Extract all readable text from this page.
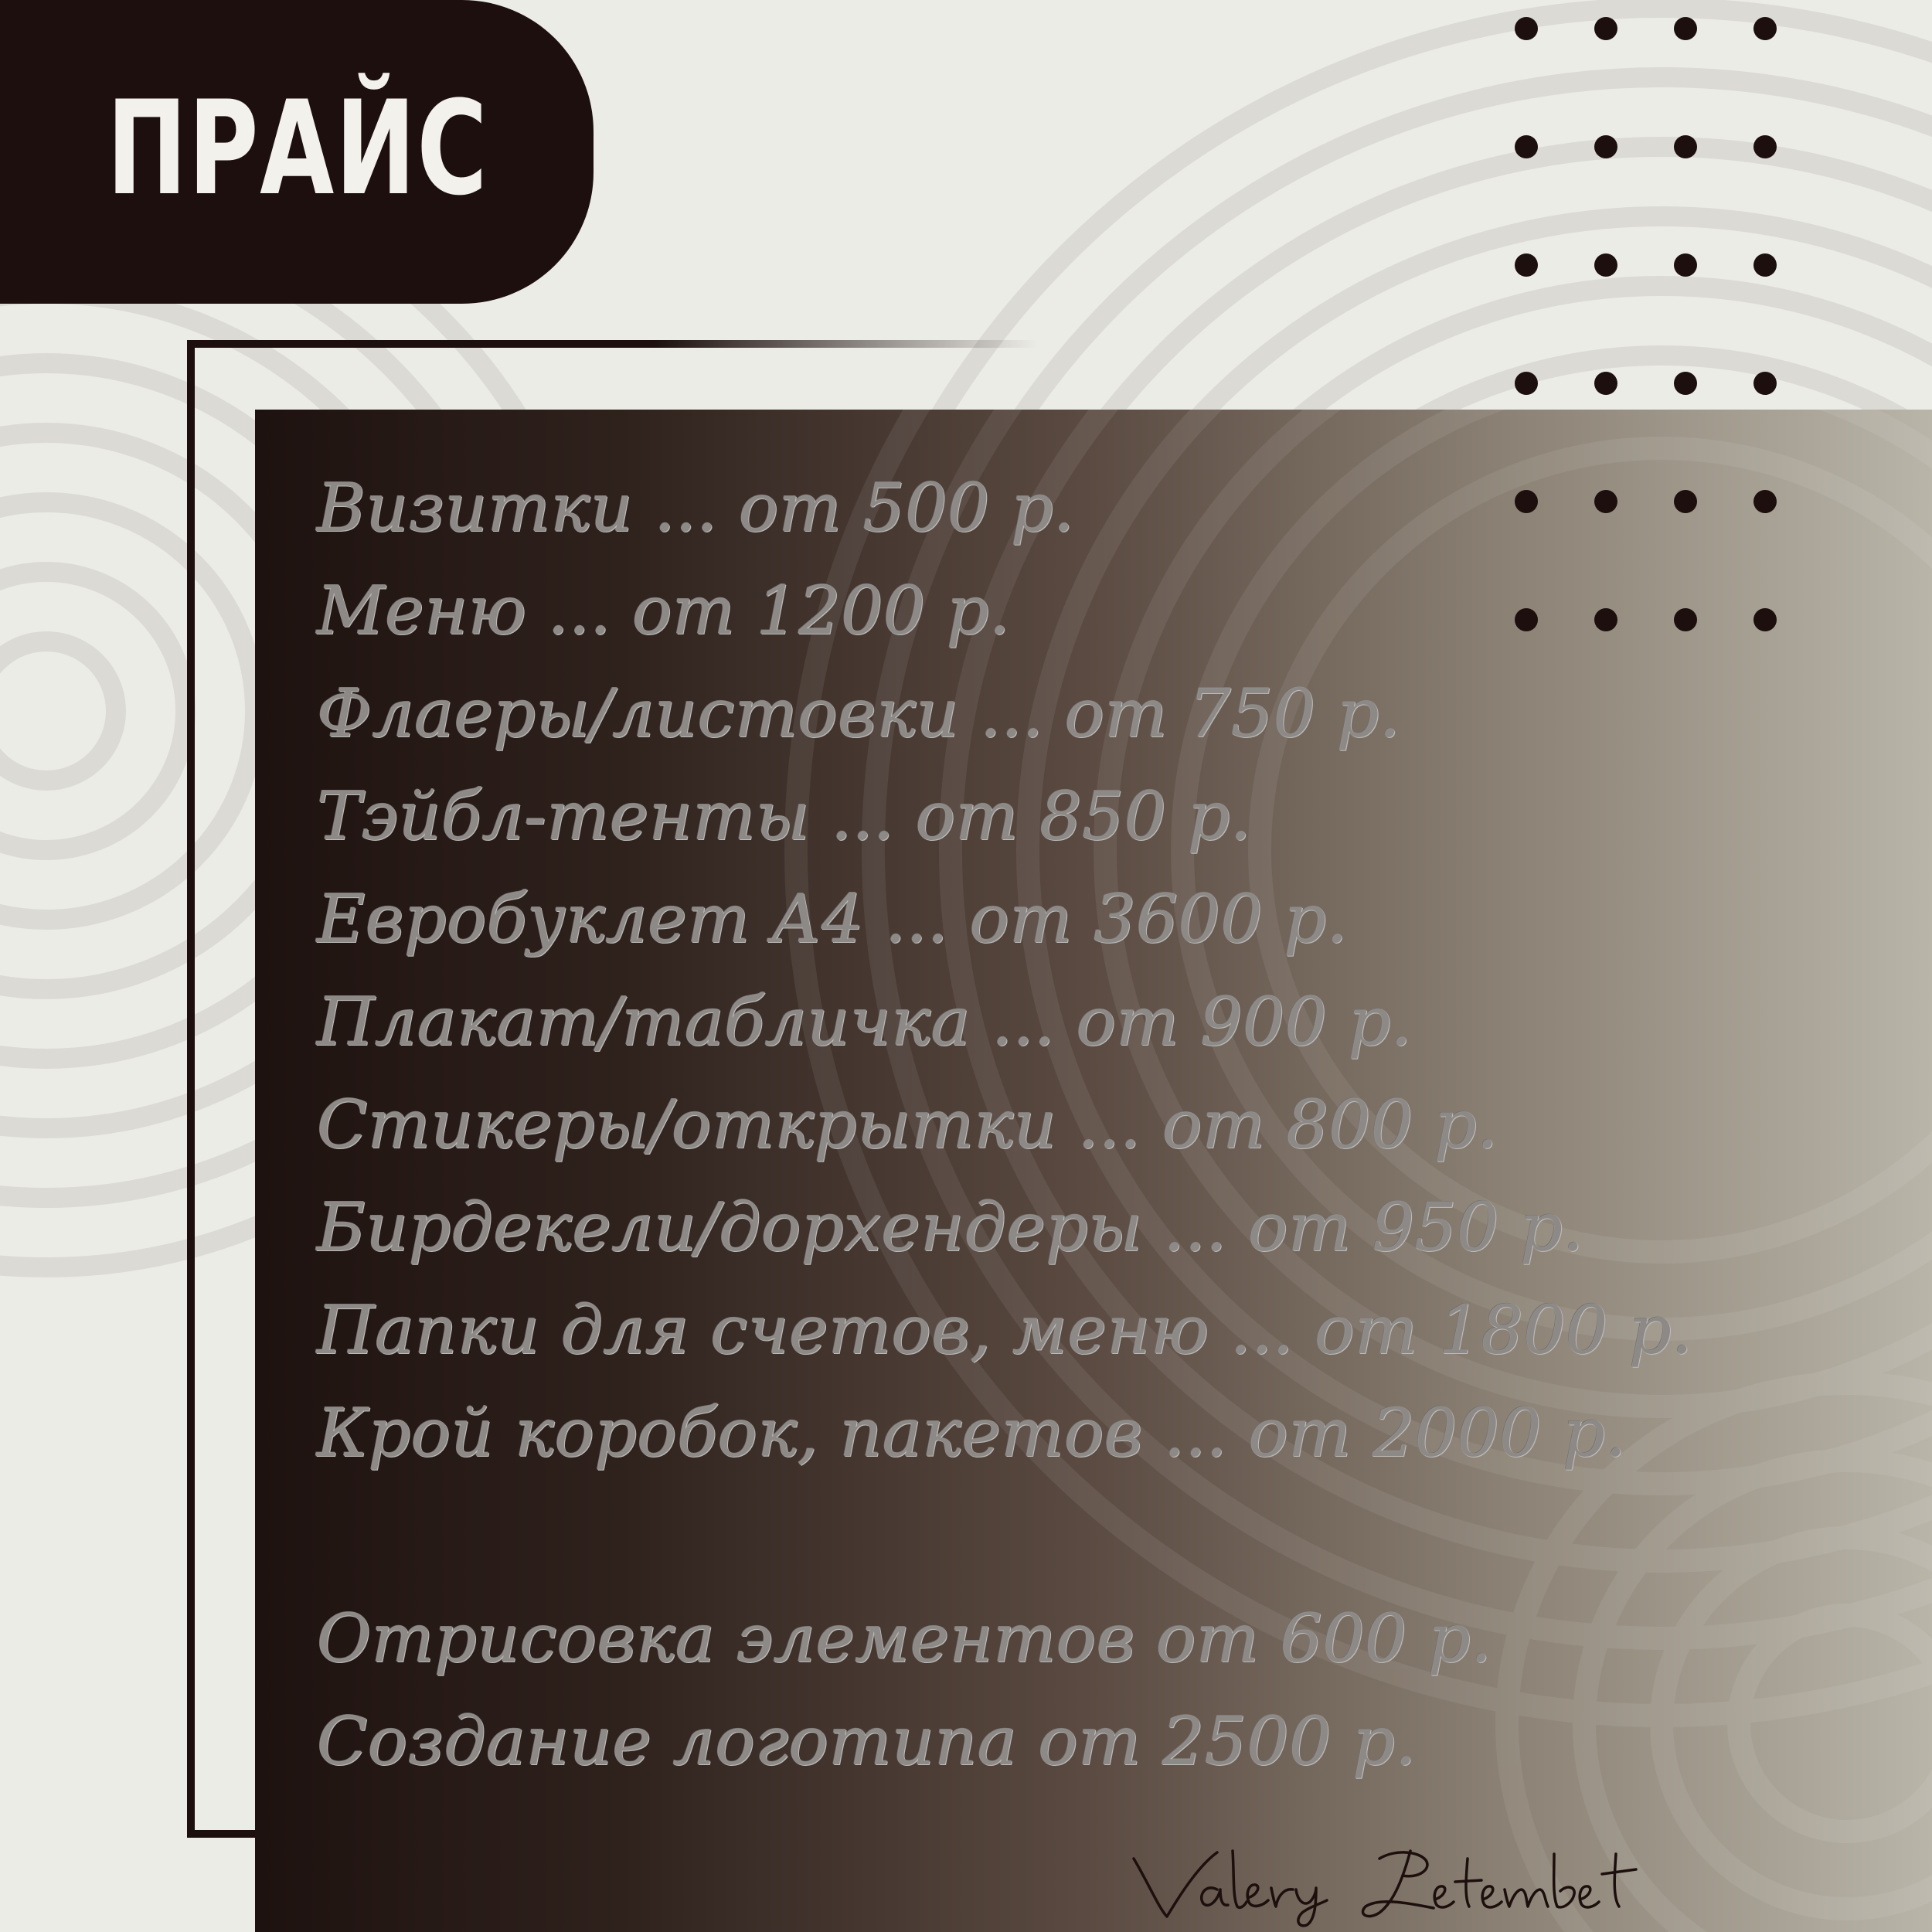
ПРАЙС
Визитки ... от 500 р.
Меню ... от 1200 р.
Флаеры/листовки ... от 750 р.
Тэйбл-тенты ... от 850 р.
Евробуклет А4 ... от 3600 р.
Плакат/табличка ... от 900 р.
Стикеры/открытки ... от 800 р.
Бирдекели/дорхендеры ... от 950 р.
Папки для счетов, меню ... от 1800 р.
Крой коробок, пакетов ... от 2000 р.
Отрисовка элементов от 600 р.
Создание логотипа от 2500 р.
